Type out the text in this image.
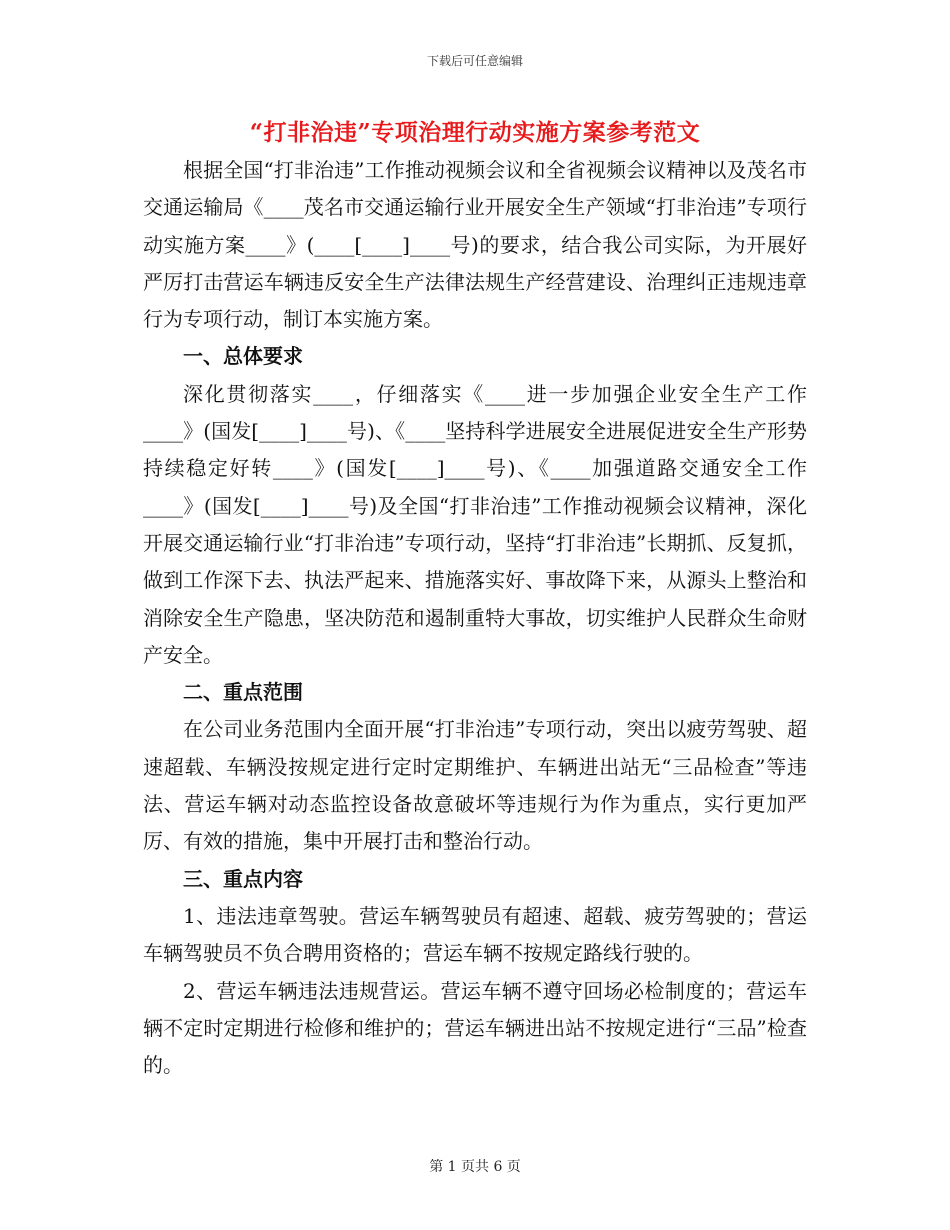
下载后可任意编辑
“打非治违”专项治理行动实施方案参考范文

根据全国“打非治违”工作推动视频会议和全省视频会议精神以及茂名市交通运输局《____茂名市交通运输行业开展安全生产领域“打非治违”专项行动实施方案____》(____[____]____号)的要求，结合我公司实际，为开展好严厉打击营运车辆违反安全生产法律法规生产经营建设、治理纠正违规违章行为专项行动，制订本实施方案。

一、总体要求

深化贯彻落实____，仔细落实《____进一步加强企业安全生产工作____》(国发[____]____号)、《____坚持科学进展安全进展促进安全生产形势持续稳定好转____》(国发[____]____号)、《____加强道路交通安全工作____》(国发[____]____号)及全国“打非治违”工作推动视频会议精神，深化开展交通运输行业“打非治违”专项行动，坚持“打非治违”长期抓、反复抓，做到工作深下去、执法严起来、措施落实好、事故降下来，从源头上整治和消除安全生产隐患，坚决防范和遏制重特大事故，切实维护人民群众生命财产安全。

二、重点范围

在公司业务范围内全面开展“打非治违”专项行动，突出以疲劳驾驶、超速超载、车辆没按规定进行定时定期维护、车辆进出站无“三品检查”等违法、营运车辆对动态监控设备故意破坏等违规行为作为重点，实行更加严厉、有效的措施，集中开展打击和整治行动。

三、重点内容

1、违法违章驾驶。营运车辆驾驶员有超速、超载、疲劳驾驶的；营运车辆驾驶员不负合聘用资格的；营运车辆不按规定路线行驶的。

2、营运车辆违法违规营运。营运车辆不遵守回场必检制度的；营运车辆不定时定期进行检修和维护的；营运车辆进出站不按规定进行“三品”检查的。

第 1 页共 6 页
